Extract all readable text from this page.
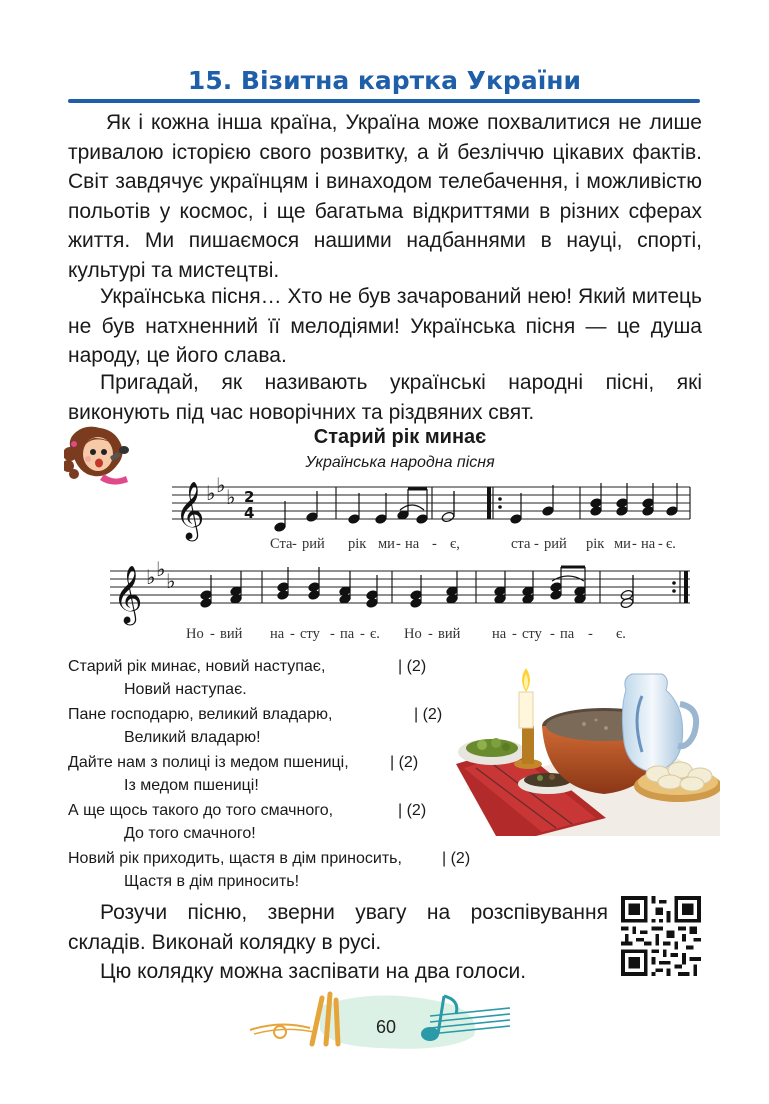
15. Візитна картка України

Як і кожна інша країна, Україна може похвалитися не лише тривалою історією свого розвитку, а й безліччю цікавих фактів. Світ завдячує українцям і винаходом телебачення, і можливістю польотів у космос, і ще багатьма відкриттями в різних сферах життя. Ми пишаємося нашими надбаннями в науці, спорті, культурі та мистецтві.

Українська пісня… Хто не був зачарований нею! Який митець не був натхненний її мелодіями! Українська пісня — це душа народу, це його слава.

Пригадай, як називають українські народні пісні, які виконують під час новорічних та різдвяних свят.

Старий рік минає
Українська народна пісня
𝄞 ♭ ♭ ♭ 2
4
𝄞 ♭ ♭ ♭
Ста - рий рік ми - на - є,	ста - рий рік ми - на - є.
Но - вий на - сту - па - є. Но - вий на - сту - па - є.
Старий рік минає, новий наступає,	| (2)
Новий наступає.
Пане господарю, великий владарю,	| (2)
Великий владарю!
Дайте нам з полиці із медом пшениці,	| (2)
Із медом пшениці!
А ще щось такого до того смачного,	| (2)
До того смачного!
Новий рік приходить, щастя в дім приносить,	| (2)
Щастя в дім приносить!

Розучи пісню, зверни увагу на розспівування складів. Виконай колядку в русі.

Цю колядку можна заспівати на два голоси.

60
